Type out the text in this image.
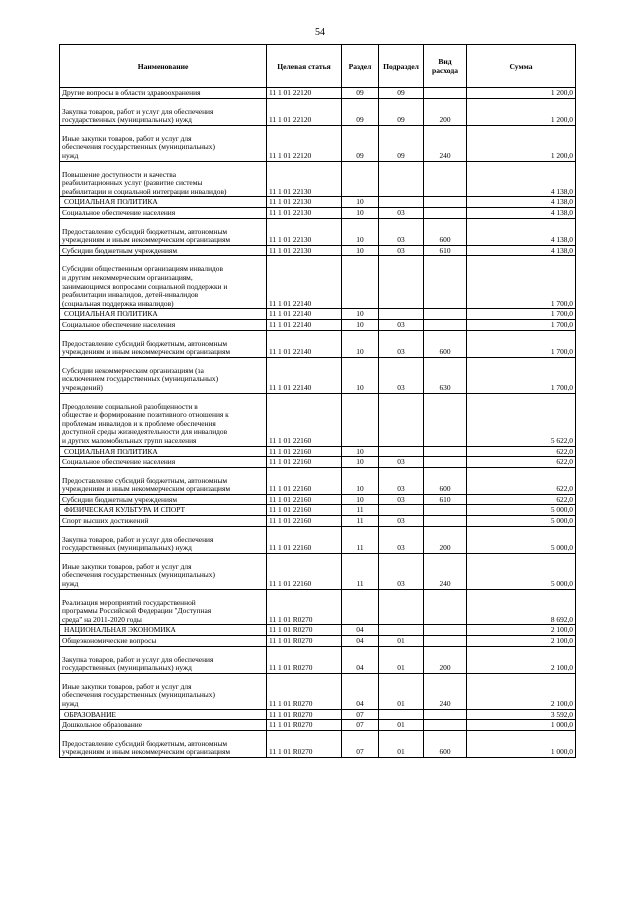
54
Наименование	Целевая статья	Раздел	Подраздел	Вид расхода	Сумма
Другие вопросы в области здравоохранения	11 1 01 22120	09	09		1 200,0
Закупка товаров, работ и услуг для обеспечения
государственных (муниципальных) нужд	11 1 01 22120	09	09	200	1 200,0
Иные закупки товаров, работ и услуг для
обеспечения государственных (муниципальных)
нужд	11 1 01 22120	09	09	240	1 200,0
Повышение доступности и качества
реабилитационных услуг (развитие системы
реабилитации и социальной интеграции инвалидов)	11 1 01 22130				4 138,0
СОЦИАЛЬНАЯ ПОЛИТИКА	11 1 01 22130	10			4 138,0
Социальное обеспечение населения	11 1 01 22130	10	03		4 138,0
Предоставление субсидий бюджетным, автономным
учреждениям и иным некоммерческим организациям	11 1 01 22130	10	03	600	4 138,0
Субсидии бюджетным учреждениям	11 1 01 22130	10	03	610	4 138,0
Субсидии общественным организациям инвалидов
и другим некоммерческим организациям,
занимающимся вопросами социальной поддержки и
реабилитации инвалидов, детей-инвалидов
(социальная поддержка инвалидов)	11 1 01 22140				1 700,0
СОЦИАЛЬНАЯ ПОЛИТИКА	11 1 01 22140	10			1 700,0
Социальное обеспечение населения	11 1 01 22140	10	03		1 700,0
Предоставление субсидий бюджетным, автономным
учреждениям и иным некоммерческим организациям	11 1 01 22140	10	03	600	1 700,0
Субсидии некоммерческим организациям (за
исключением государственных (муниципальных)
учреждений)	11 1 01 22140	10	03	630	1 700,0
Преодоление социальной разобщенности в
обществе и формирование позитивного отношения к
проблемам инвалидов и к проблеме обеспечения
доступной среды жизнедеятельности для инвалидов
и других маломобильных групп населения	11 1 01 22160				5 622,0
СОЦИАЛЬНАЯ ПОЛИТИКА	11 1 01 22160	10			622,0
Социальное обеспечение населения	11 1 01 22160	10	03		622,0
Предоставление субсидий бюджетным, автономным
учреждениям и иным некоммерческим организациям	11 1 01 22160	10	03	600	622,0
Субсидии бюджетным учреждениям	11 1 01 22160	10	03	610	622,0
ФИЗИЧЕСКАЯ КУЛЬТУРА И СПОРТ	11 1 01 22160	11			5 000,0
Спорт высших достижений	11 1 01 22160	11	03		5 000,0
Закупка товаров, работ и услуг для обеспечения
государственных (муниципальных) нужд	11 1 01 22160	11	03	200	5 000,0
Иные закупки товаров, работ и услуг для
обеспечения государственных (муниципальных)
нужд	11 1 01 22160	11	03	240	5 000,0
Реализация мероприятий государственной
программы Российской Федерации "Доступная
среда" на 2011-2020 годы	11 1 01 R0270				8 692,0
НАЦИОНАЛЬНАЯ ЭКОНОМИКА	11 1 01 R0270	04			2 100,0
Общеэкономические вопросы	11 1 01 R0270	04	01		2 100,0
Закупка товаров, работ и услуг для обеспечения
государственных (муниципальных) нужд	11 1 01 R0270	04	01	200	2 100,0
Иные закупки товаров, работ и услуг для
обеспечения государственных (муниципальных)
нужд	11 1 01 R0270	04	01	240	2 100,0
ОБРАЗОВАНИЕ	11 1 01 R0270	07			3 592,0
Дошкольное образование	11 1 01 R0270	07	01		1 000,0
Предоставление субсидий бюджетным, автономным
учреждениям и иным некоммерческим организациям	11 1 01 R0270	07	01	600	1 000,0
